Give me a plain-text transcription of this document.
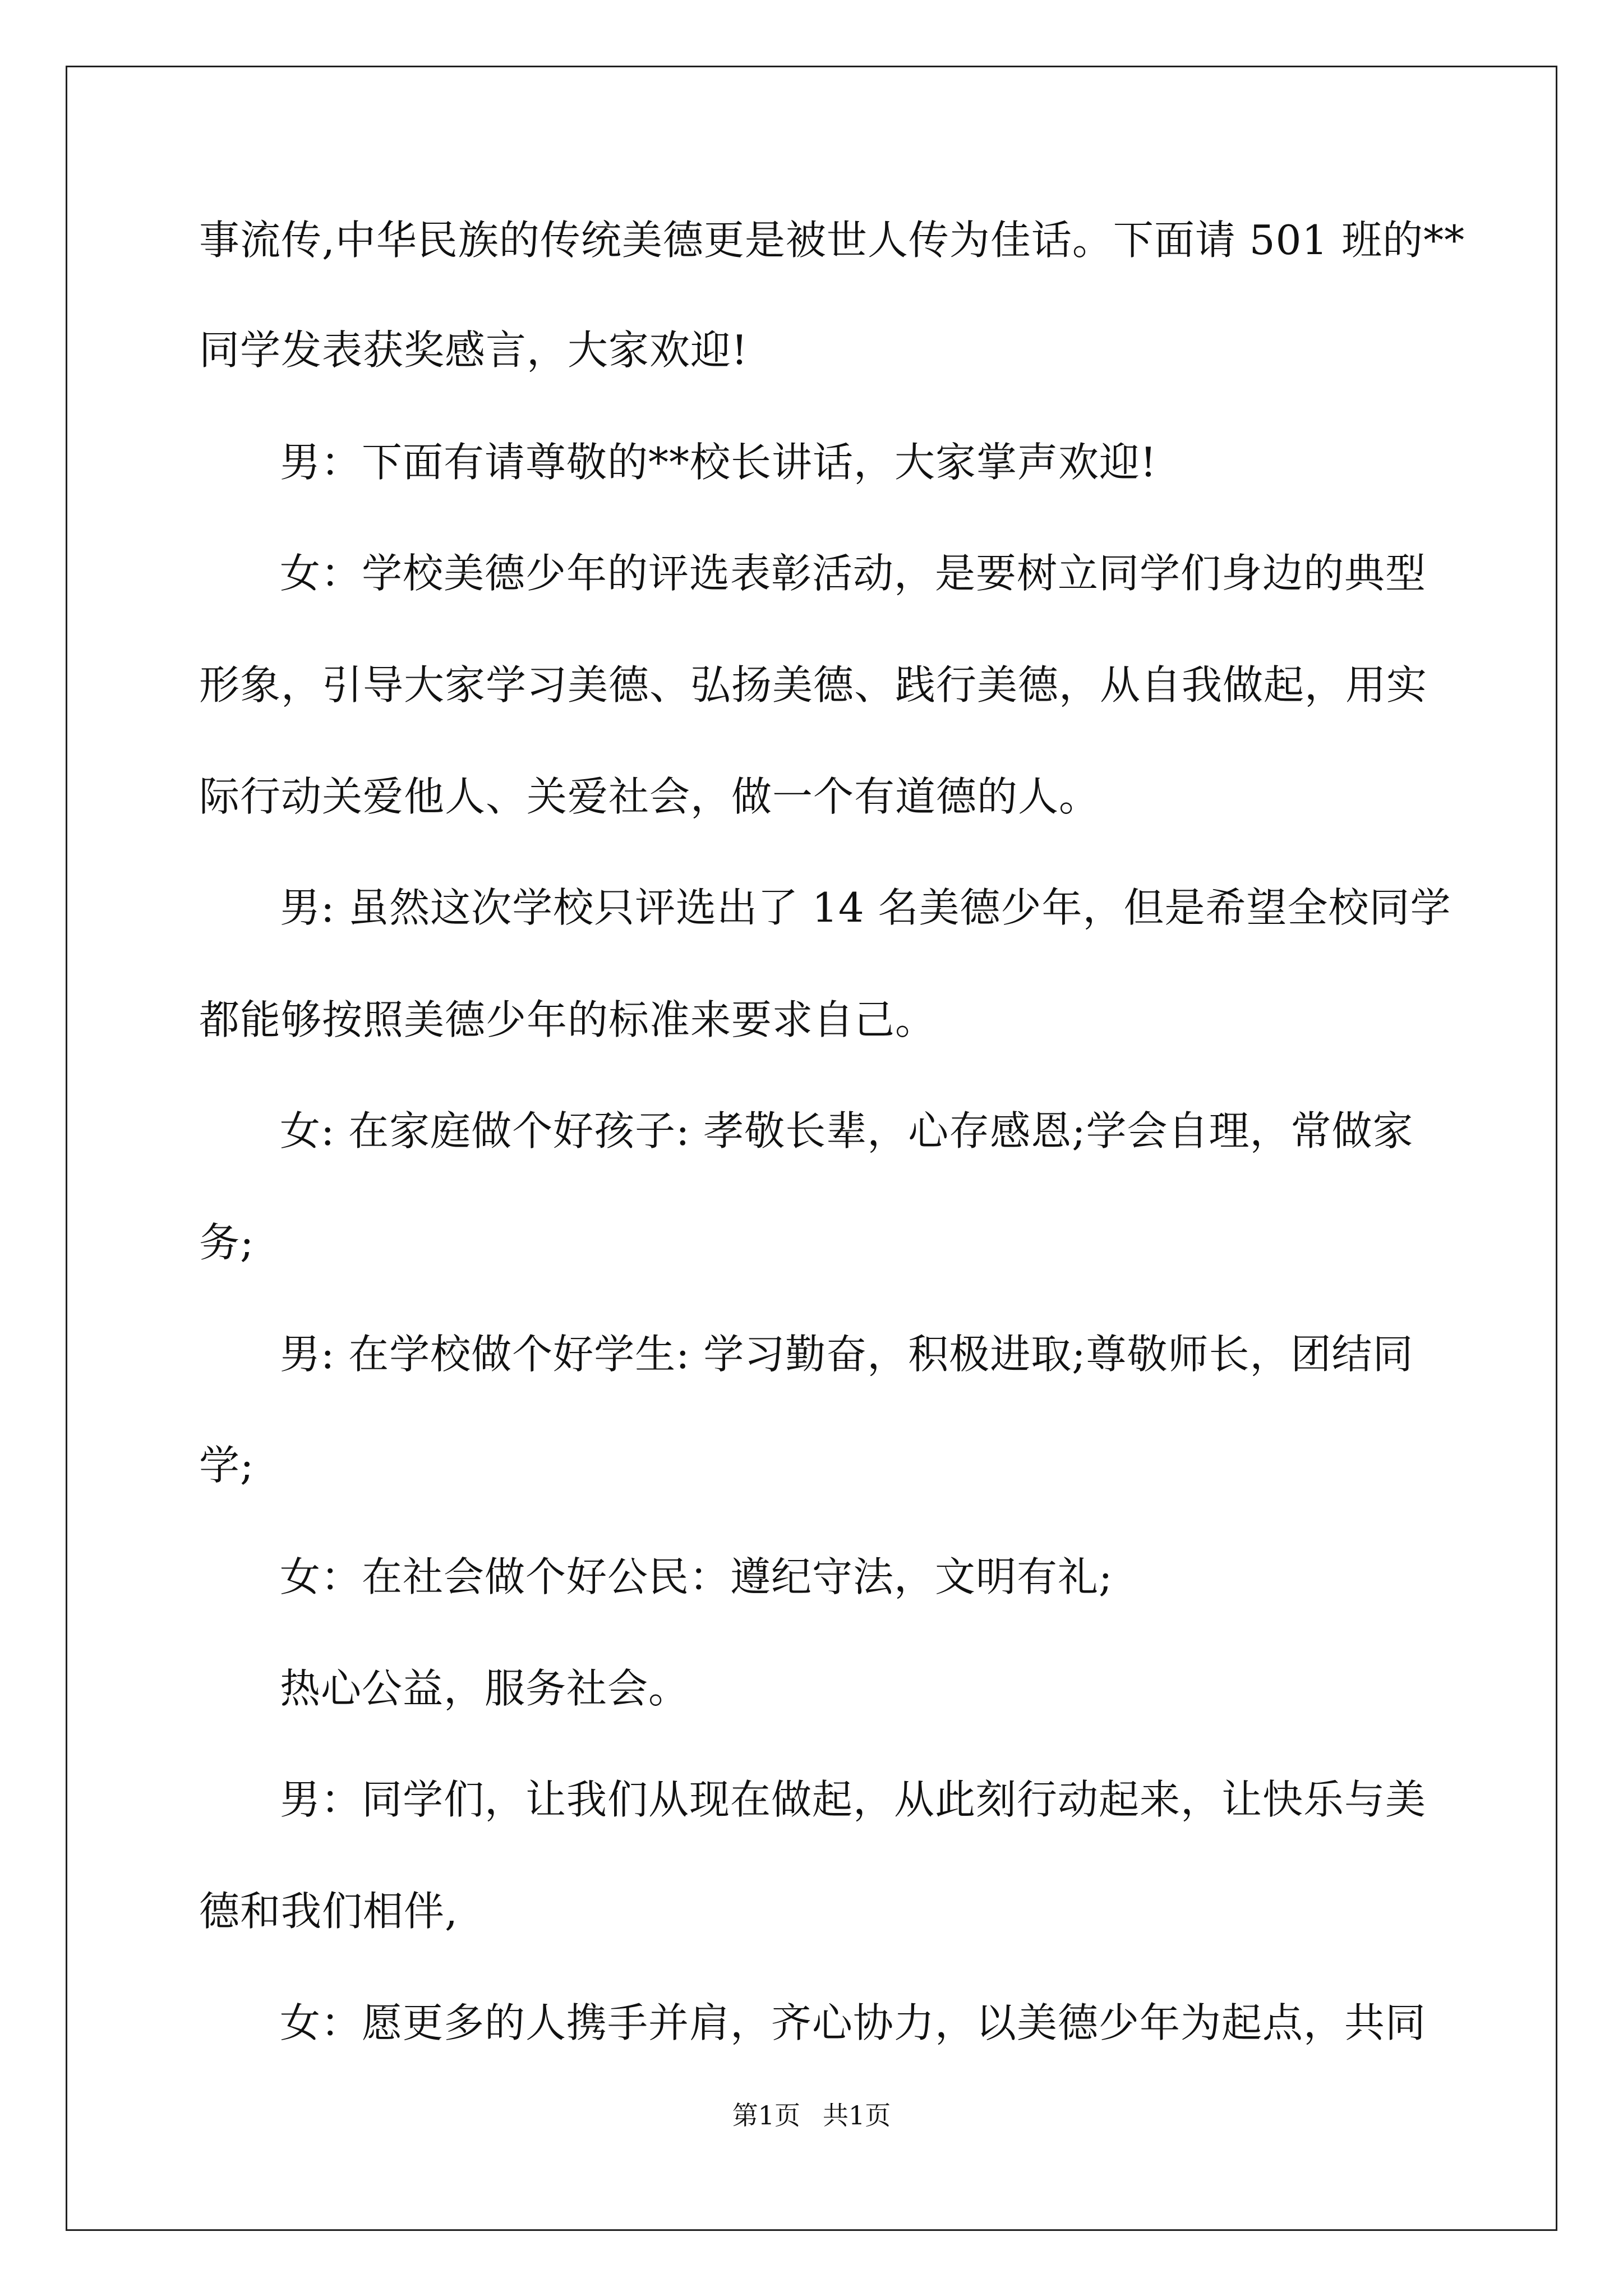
事流传,中华民族的传统美德更是被世人传为佳话。下面请 501 班的**
同学发表获奖感言，大家欢迎!
男：下面有请尊敬的**校长讲话，大家掌声欢迎!
女：学校美德少年的评选表彰活动，是要树立同学们身边的典型
形象，引导大家学习美德、弘扬美德、践行美德，从自我做起，用实
际行动关爱他人、关爱社会，做一个有道德的人。
男: 虽然这次学校只评选出了 14 名美德少年，但是希望全校同学
都能够按照美德少年的标准来要求自己。
女: 在家庭做个好孩子: 孝敬长辈，心存感恩;学会自理，常做家
务;
男: 在学校做个好学生: 学习勤奋，积极进取;尊敬师长，团结同
学;
女：在社会做个好公民：遵纪守法，文明有礼;
热心公益，服务社会。
男：同学们，让我们从现在做起，从此刻行动起来，让快乐与美
德和我们相伴,
女：愿更多的人携手并肩，齐心协力，以美德少年为起点，共同
第1页 共1页
